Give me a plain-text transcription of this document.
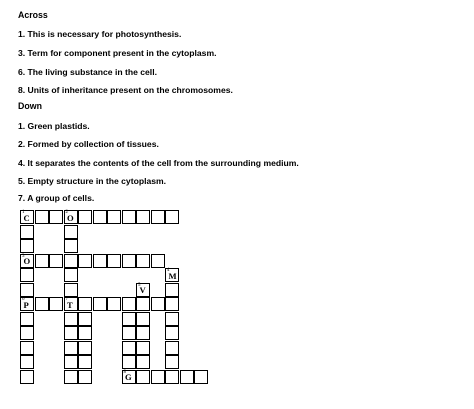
Across
1. This is necessary for photosynthesis.
3. Term for component present in the cytoplasm.
6. The living substance in the cell.
8. Units of inheritance present on the chromosomes.
Down
1. Green plastids.
2. Formed by collection of tissues.
4. It separates the contents of the cell from the surrounding medium.
5. Empty structure in the cytoplasm.
7. A group of cells.
1 C	2 O
3 O
4 M
5 V
6 P	7 T
8 G
